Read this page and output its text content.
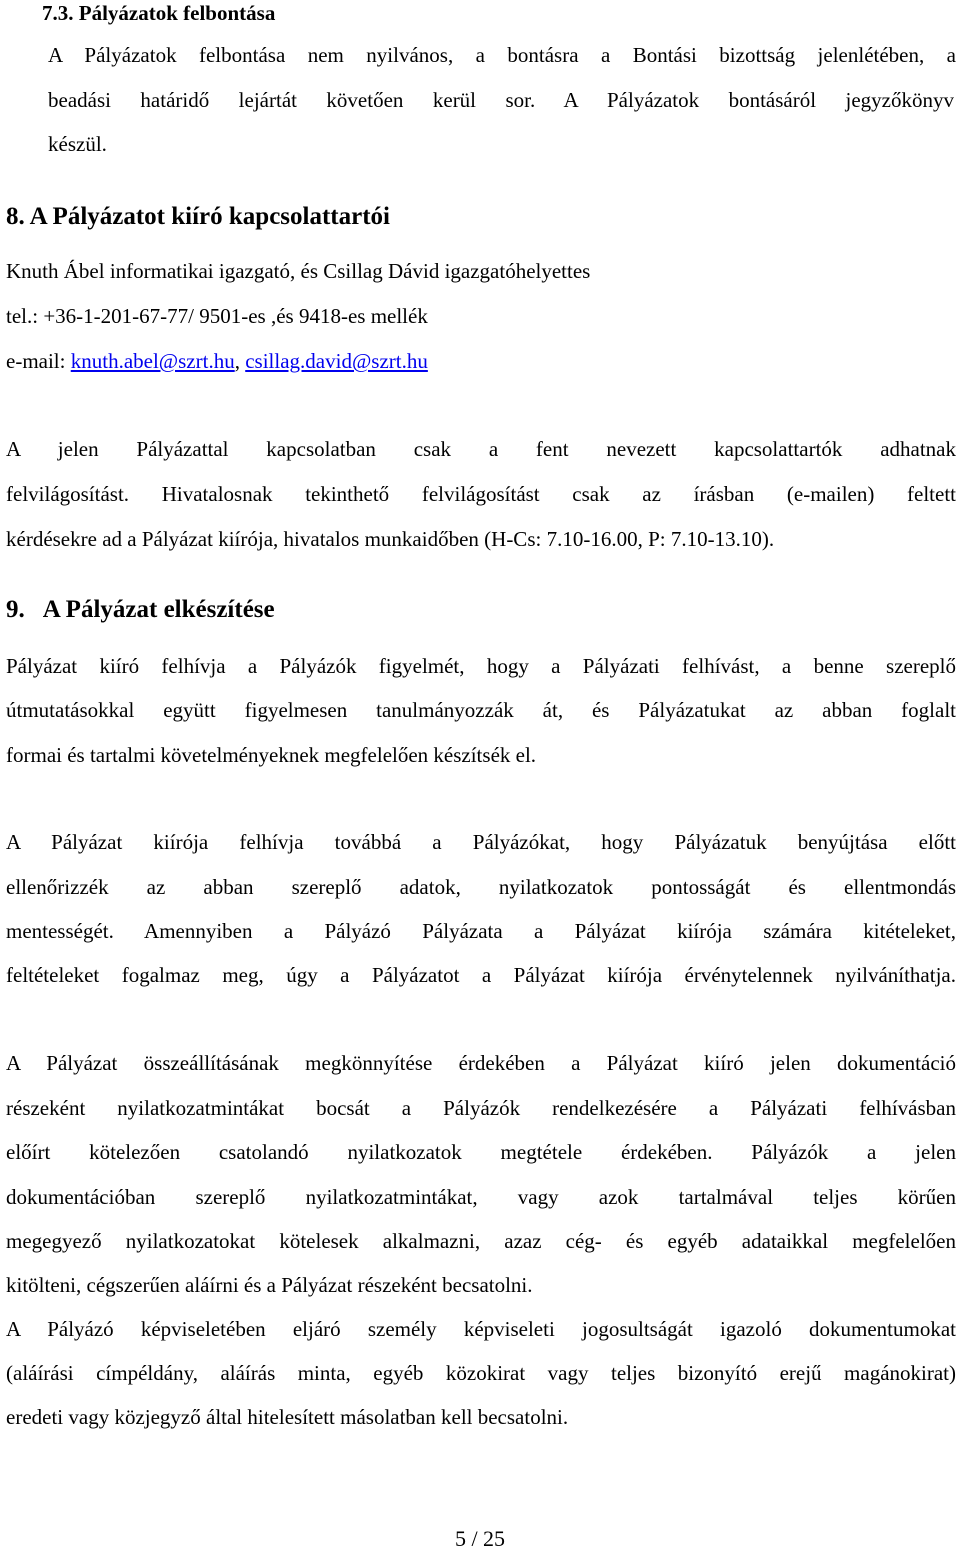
7.3. Pályázatok felbontása
A Pályázatok felbontása nem nyilvános, a bontásra a Bontási bizottság jelenlétében, a
beadási határidő lejártát követően kerül sor. A Pályázatok bontásáról jegyzőkönyv
készül.
8. A Pályázatot kiíró kapcsolattartói
Knuth Ábel informatikai igazgató, és Csillag Dávid igazgatóhelyettes
tel.: +36-1-201-67-77/ 9501-es ,és 9418-es mellék
e-mail: knuth.abel@szrt.hu, csillag.david@szrt.hu
A jelen Pályázattal kapcsolatban csak a fent nevezett kapcsolattartók adhatnak
felvilágosítást. Hivatalosnak tekinthető felvilágosítást csak az írásban (e-mailen) feltett
kérdésekre ad a Pályázat kiírója, hivatalos munkaidőben (H-Cs: 7.10-16.00, P: 7.10-13.10).
9. A Pályázat elkészítése
Pályázat kiíró felhívja a Pályázók figyelmét, hogy a Pályázati felhívást, a benne szereplő
útmutatásokkal együtt figyelmesen tanulmányozzák át, és Pályázatukat az abban foglalt
formai és tartalmi követelményeknek megfelelően készítsék el.
A Pályázat kiírója felhívja továbbá a Pályázókat, hogy Pályázatuk benyújtása előtt
ellenőrizzék az abban szereplő adatok, nyilatkozatok pontosságát és ellentmondás
mentességét. Amennyiben a Pályázó Pályázata a Pályázat kiírója számára kitételeket,
feltételeket fogalmaz meg, úgy a Pályázatot a Pályázat kiírója érvénytelennek nyilváníthatja.
A Pályázat összeállításának megkönnyítése érdekében a Pályázat kiíró jelen dokumentáció
részeként nyilatkozatmintákat bocsát a Pályázók rendelkezésére a Pályázati felhívásban
előírt kötelezően csatolandó nyilatkozatok megtétele érdekében. Pályázók a jelen
dokumentációban szereplő nyilatkozatmintákat, vagy azok tartalmával teljes körűen
megegyező nyilatkozatokat kötelesek alkalmazni, azaz cég- és egyéb adataikkal megfelelően
kitölteni, cégszerűen aláírni és a Pályázat részeként becsatolni.
A Pályázó képviseletében eljáró személy képviseleti jogosultságát igazoló dokumentumokat
(aláírási címpéldány, aláírás minta, egyéb közokirat vagy teljes bizonyító erejű magánokirat)
eredeti vagy közjegyző által hitelesített másolatban kell becsatolni.
5 / 25
